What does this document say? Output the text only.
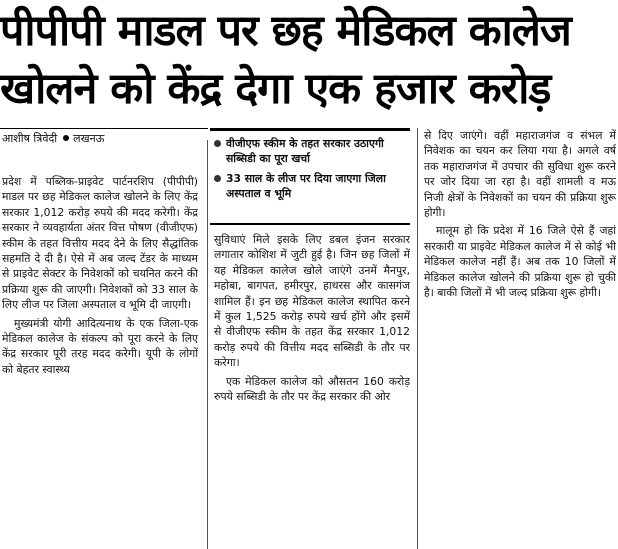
पीपीपी माडल पर छह मेडिकल कालेज
खोलने को केंद्र देगा एक हजार करोड़
आशीष त्रिवेदी लखनऊ	वीजीएफ स्कीम के तहत सरकार उठाएगी सब्सिडी का पूरा खर्चा
33 साल के लीज पर दिया जाएगा जिला अस्पताल व भूमि

प्रदेश में पब्लिक-प्राइवेट पार्टनरशिप (पीपीपी) माडल पर छह मेडिकल कालेज खोलने के लिए केंद्र सरकार 1,012 करोड़ रुपये की मदद करेगी। केंद्र सरकार ने व्यवहार्यता अंतर वित्त पोषण (वीजीएफ) स्कीम के तहत वित्तीय मदद देने के लिए सैद्धांतिक सहमति दे दी है। ऐसे में अब जल्द टेंडर के माध्यम से प्राइवेट सेक्टर के निवेशकों को चयनित करने की प्रक्रिया शुरू की जाएगी। निवेशकों को 33 साल के लिए लीज पर जिला अस्पताल व भूमि दी जाएगी।

मुख्यमंत्री योगी आदित्यनाथ के एक जिला-एक मेडिकल कालेज के संकल्प को पूरा करने के लिए केंद्र सरकार पूरी तरह मदद करेगी। यूपी के लोगों को बेहतर स्वास्थ्य

सुविधाएं मिले इसके लिए डबल इंजन सरकार लगातार कोशिश में जुटी हुई है। जिन छह जिलों में यह मेडिकल कालेज खोले जाएंगे उनमें मैनपुर, महोबा, बागपत, हमीरपुर, हाथरस और कासगंज शामिल हैं। इन छह मेडिकल कालेज स्थापित करने में कुल 1,525 करोड़ रुपये खर्च होंगे और इसमें से वीजीएफ स्कीम के तहत केंद्र सरकार 1,012 करोड़ रुपये की वित्तीय मदद सब्सिडी के तौर पर करेगा।

एक मेडिकल कालेज को औसतन 160 करोड़ रुपये सब्सिडी के तौर पर केंद्र सरकार की ओर

से दिए जाएंगे। वहीं महाराजगंज व संभल में निवेशक का चयन कर लिया गया है। अगले वर्ष तक महाराजगंज में उपचार की सुविधा शुरू करने पर जोर दिया जा रहा है। वहीं शामली व मऊ निजी क्षेत्रों के निवेशकों का चयन की प्रक्रिया शुरू होगी।

मालूम हो कि प्रदेश में 16 जिले ऐसे हैं जहां सरकारी या प्राइवेट मेडिकल कालेज में से कोई भी मेडिकल कालेज नहीं हैं। अब तक 10 जिलों में मेडिकल कालेज खोलने की प्रक्रिया शुरू हो चुकी है। बाकी जिलों में भी जल्द प्रक्रिया शुरू होगी।
